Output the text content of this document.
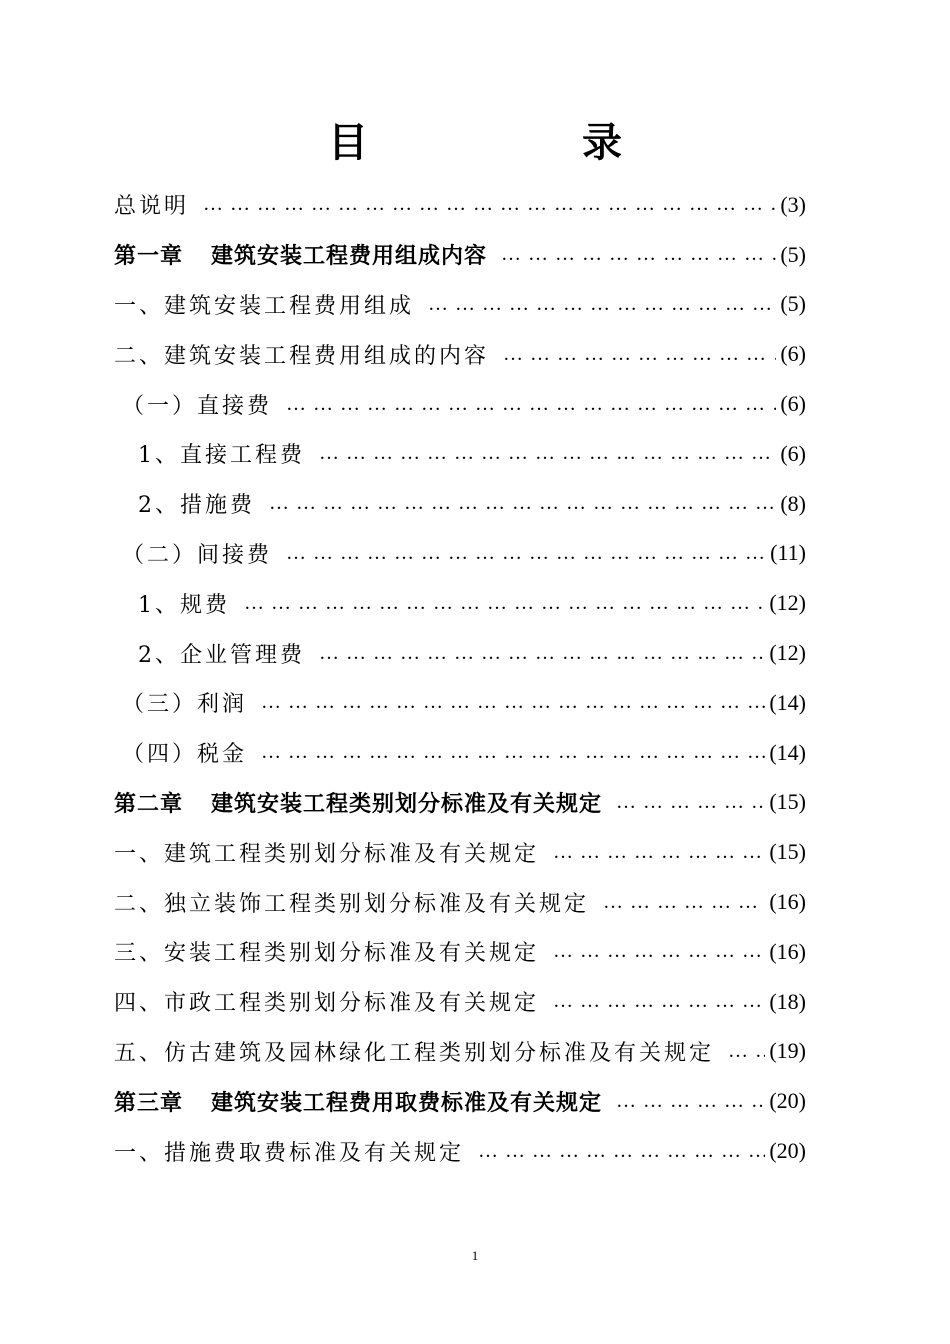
目 录
总说明 … … … … … … … … … … … … … … … … … … … … … … … … … … … … … … … … … … … … … … … … … … … …	(3)
第一章 建筑安装工程费用组成内容 … … … … … … … … … … … … … … … … … … … … … … … … … … … … … … … … … … … … … … … … … … … …	(5)
一、建筑安装工程费用组成 … … … … … … … … … … … … … … … … … … … … … … … … … … … … … … … … … … … … … … … … … … … …	(5)
二、建筑安装工程费用组成的内容 … … … … … … … … … … … … … … … … … … … … … … … … … … … … … … … … … … … … … … … … … … … …	(6)
（一）直接费 … … … … … … … … … … … … … … … … … … … … … … … … … … … … … … … … … … … … … … … … … … … …	(6)
1、直接工程费 … … … … … … … … … … … … … … … … … … … … … … … … … … … … … … … … … … … … … … … … … … … …	(6)
2、措施费 … … … … … … … … … … … … … … … … … … … … … … … … … … … … … … … … … … … … … … … … … … … …	(8)
（二）间接费 … … … … … … … … … … … … … … … … … … … … … … … … … … … … … … … … … … … … … … … … … … … …	(11)
1、规费 … … … … … … … … … … … … … … … … … … … … … … … … … … … … … … … … … … … … … … … … … … … …	(12)
2、企业管理费 … … … … … … … … … … … … … … … … … … … … … … … … … … … … … … … … … … … … … … … … … … … …	(12)
（三）利润 … … … … … … … … … … … … … … … … … … … … … … … … … … … … … … … … … … … … … … … … … … … …	(14)
（四）税金 … … … … … … … … … … … … … … … … … … … … … … … … … … … … … … … … … … … … … … … … … … … …	(14)
第二章 建筑安装工程类别划分标准及有关规定 … … … … … … … … … … … … … … … … … … … … … … … … … … … … … … … … … … … … … … … … … … … …	(15)
一、建筑工程类别划分标准及有关规定 … … … … … … … … … … … … … … … … … … … … … … … … … … … … … … … … … … … … … … … … … … … …	(15)
二、独立装饰工程类别划分标准及有关规定 … … … … … … … … … … … … … … … … … … … … … … … … … … … … … … … … … … … … … … … … … … … …	(16)
三、安装工程类别划分标准及有关规定 … … … … … … … … … … … … … … … … … … … … … … … … … … … … … … … … … … … … … … … … … … … …	(16)
四、市政工程类别划分标准及有关规定 … … … … … … … … … … … … … … … … … … … … … … … … … … … … … … … … … … … … … … … … … … … …	(18)
五、仿古建筑及园林绿化工程类别划分标准及有关规定 … … … … … … … … … … … … … … … … … … … … … … … … … … … … … … … … … … … … … … … … … … … …	(19)
第三章 建筑安装工程费用取费标准及有关规定 … … … … … … … … … … … … … … … … … … … … … … … … … … … … … … … … … … … … … … … … … … … …	(20)
一、措施费取费标准及有关规定 … … … … … … … … … … … … … … … … … … … … … … … … … … … … … … … … … … … … … … … … … … … …	(20)
1
